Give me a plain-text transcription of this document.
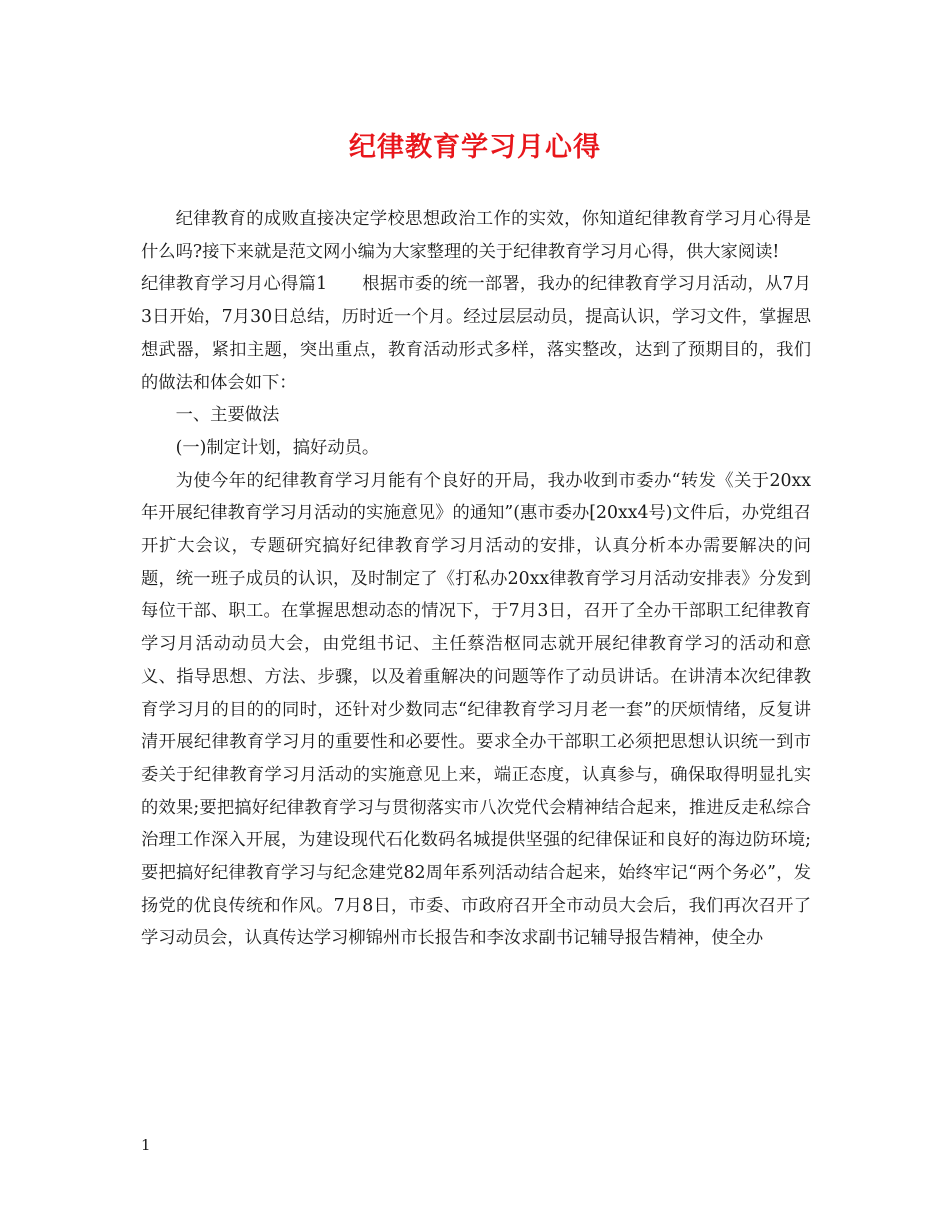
纪律教育学习月心得

纪律教育的成败直接决定学校思想政治工作的实效，你知道纪律教育学习月心得是什么吗?接下来就是范文网小编为大家整理的关于纪律教育学习月心得，供大家阅读!

纪律教育学习月心得篇1　　根据市委的统一部署，我办的纪律教育学习月活动，从7月3日开始，7月30日总结，历时近一个月。经过层层动员，提高认识，学习文件，掌握思想武器，紧扣主题，突出重点，教育活动形式多样，落实整改，达到了预期目的，我们的做法和体会如下：

一、主要做法

(一)制定计划，搞好动员。

为使今年的纪律教育学习月能有个良好的开局，我办收到市委办“转发《关于20xx年开展纪律教育学习月活动的实施意见》的通知”(惠市委办[20xx4号)文件后，办党组召开扩大会议，专题研究搞好纪律教育学习月活动的安排，认真分析本办需要解决的问题，统一班子成员的认识，及时制定了《打私办20xx律教育学习月活动安排表》分发到每位干部、职工。在掌握思想动态的情况下，于7月3日，召开了全办干部职工纪律教育学习月活动动员大会，由党组书记、主任蔡浩枢同志就开展纪律教育学习的活动和意义、指导思想、方法、步骤，以及着重解决的问题等作了动员讲话。在讲清本次纪律教育学习月的目的的同时，还针对少数同志“纪律教育学习月老一套”的厌烦情绪，反复讲清开展纪律教育学习月的重要性和必要性。要求全办干部职工必须把思想认识统一到市委关于纪律教育学习月活动的实施意见上来，端正态度，认真参与，确保取得明显扎实的效果;要把搞好纪律教育学习与贯彻落实市八次党代会精神结合起来，推进反走私综合治理工作深入开展，为建设现代石化数码名城提供坚强的纪律保证和良好的海边防环境;要把搞好纪律教育学习与纪念建党82周年系列活动结合起来，始终牢记“两个务必”，发扬党的优良传统和作风。7月8日，市委、市政府召开全市动员大会后，我们再次召开了学习动员会，认真传达学习柳锦州市长报告和李汝求副书记辅导报告精神，使全办

1
